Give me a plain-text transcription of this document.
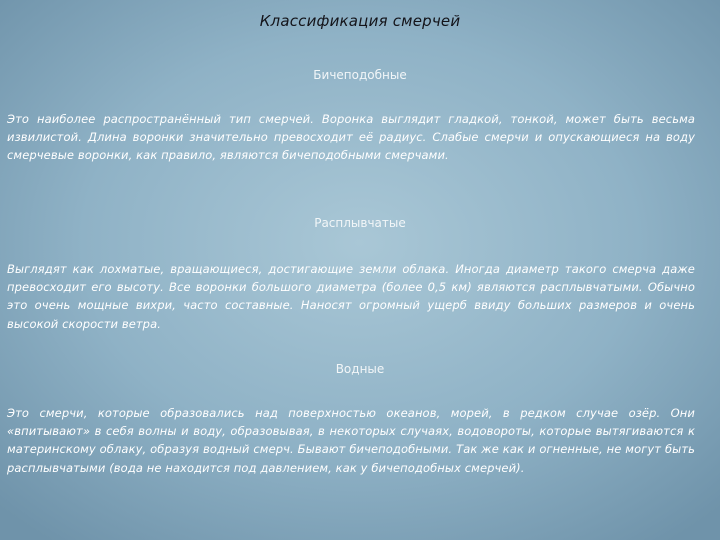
Классификация смерчей
Бичеподобные
Это наиболее распространённый тип смерчей. Воронка выглядит гладкой, тонкой, может быть весьма извилистой. Длина воронки значительно превосходит её радиус. Слабые смерчи и опускающиеся на воду смерчевые воронки, как правило, являются бичеподобными смерчами.
Расплывчатые
Выглядят как лохматые, вращающиеся, достигающие земли облака. Иногда диаметр такого смерча даже превосходит его высоту. Все воронки большого диаметра (более 0,5 км) являются расплывчатыми. Обычно это очень мощные вихри, часто составные. Наносят огромный ущерб ввиду больших размеров и очень высокой скорости ветра.
Водные
Это смерчи, которые образовались над поверхностью океанов, морей, в редком случае озёр. Они «впитывают» в себя волны и воду, образовывая, в некоторых случаях, водовороты, которые вытягиваются к материнскому облаку, образуя водный смерч. Бывают бичеподобными. Так же как и огненные, не могут быть расплывчатыми (вода не находится под давлением, как у бичеподобных смерчей).
